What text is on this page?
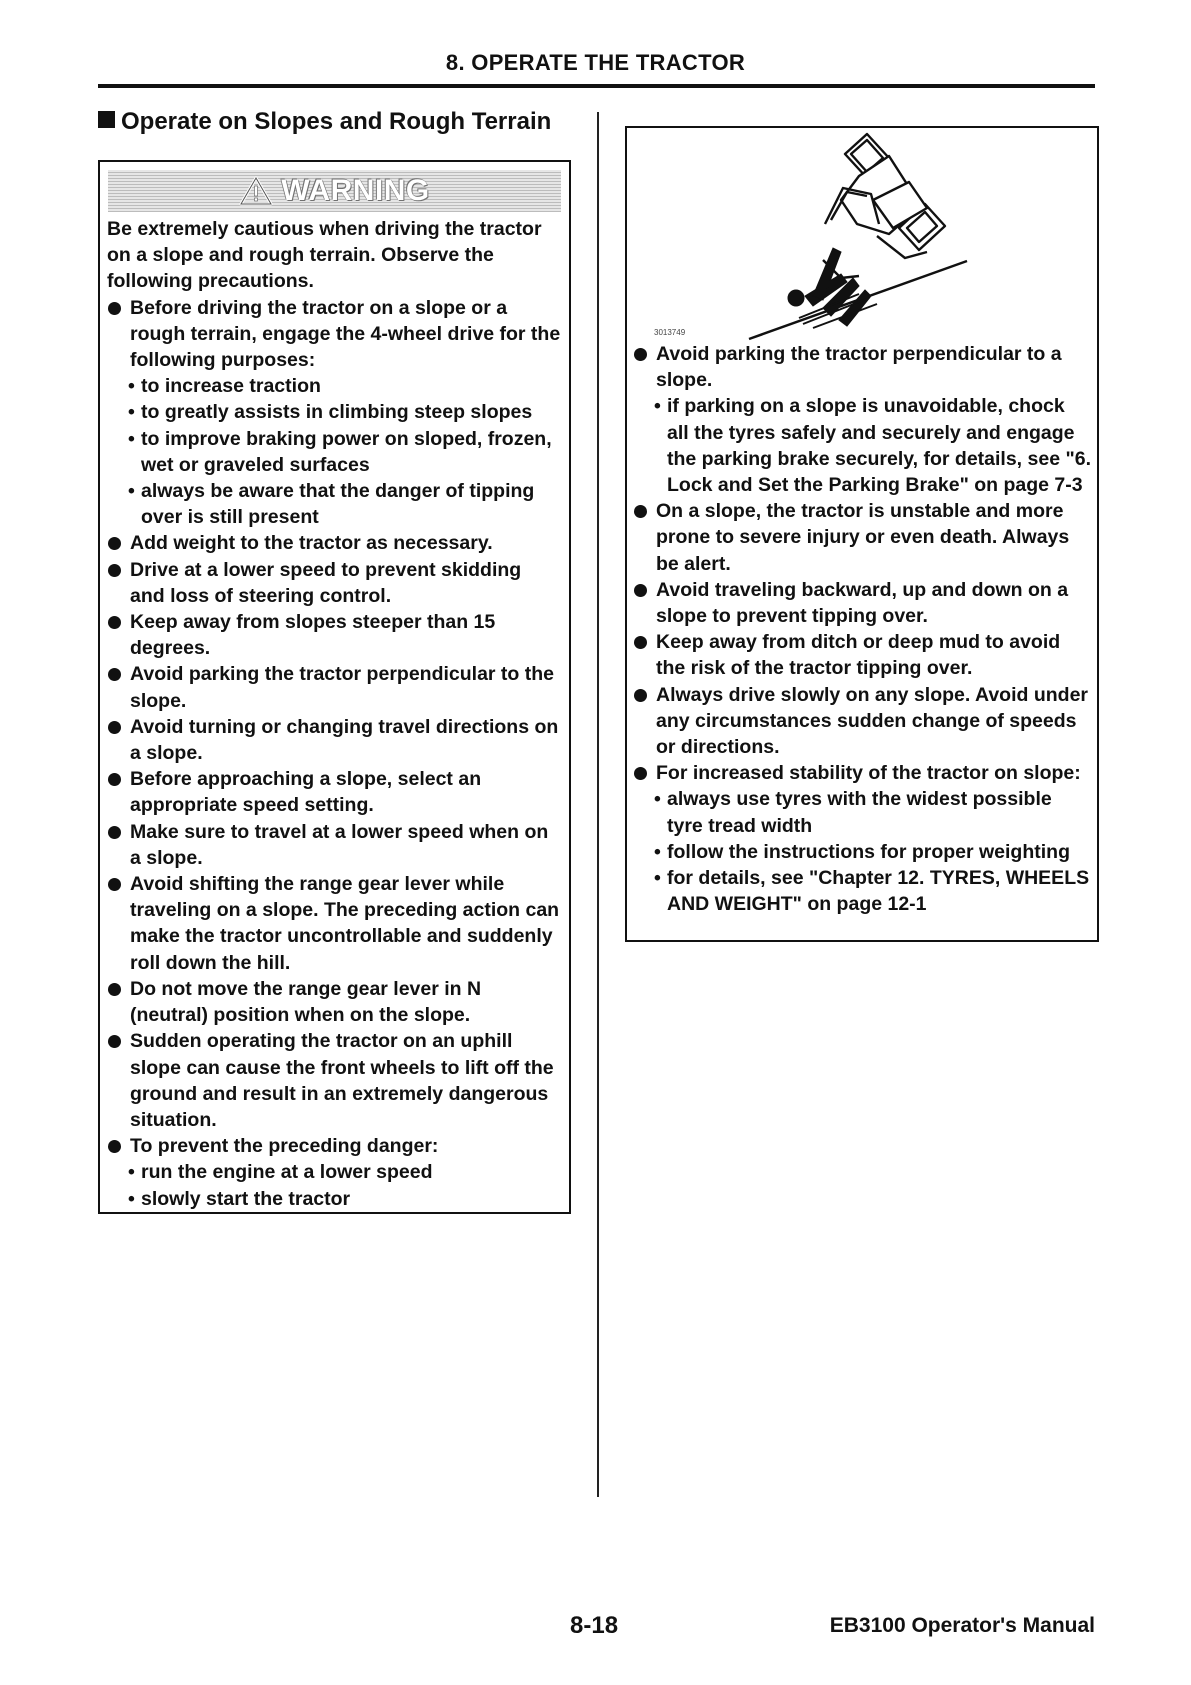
8. OPERATE THE TRACTOR
Operate on Slopes and Rough Terrain
WARNING

Be extremely cautious when driving the tractor on a slope and rough terrain. Observe the following precautions.

Before driving the tractor on a slope or a rough terrain, engage the 4-wheel drive for the following purposes:

• to increase traction

• to greatly assists in climbing steep slopes

• to improve braking power on sloped, frozen, wet or graveled surfaces

• always be aware that the danger of tipping over is still present

Add weight to the tractor as necessary.

Drive at a lower speed to prevent skidding and loss of steering control.

Keep away from slopes steeper than 15 degrees.

Avoid parking the tractor perpendicular to the slope.

Avoid turning or changing travel directions on a slope.

Before approaching a slope, select an appropriate speed setting.

Make sure to travel at a lower speed when on a slope.

Avoid shifting the range gear lever while traveling on a slope. The preceding action can make the tractor uncontrollable and suddenly roll down the hill.

Do not move the range gear lever in N (neutral) position when on the slope.

Sudden operating the tractor on an uphill slope can cause the front wheels to lift off the ground and result in an extremely dangerous situation.

To prevent the preceding danger:

• run the engine at a lower speed

• slowly start the tractor

3013749

Avoid parking the tractor perpendicular to a slope.

• if parking on a slope is unavoidable, chock all the tyres safely and securely and engage the parking brake securely, for details, see "6. Lock and Set the Parking Brake" on page 7-3

On a slope, the tractor is unstable and more prone to severe injury or even death. Always be alert.

Avoid traveling backward, up and down on a slope to prevent tipping over.

Keep away from ditch or deep mud to avoid the risk of the tractor tipping over.

Always drive slowly on any slope. Avoid under any circumstances sudden change of speeds or directions.

For increased stability of the tractor on slope:

• always use tyres with the widest possible tyre tread width

• follow the instructions for proper weighting

• for details, see "Chapter 12. TYRES, WHEELS AND WEIGHT" on page 12-1

8-18	EB3100 Operator's Manual
